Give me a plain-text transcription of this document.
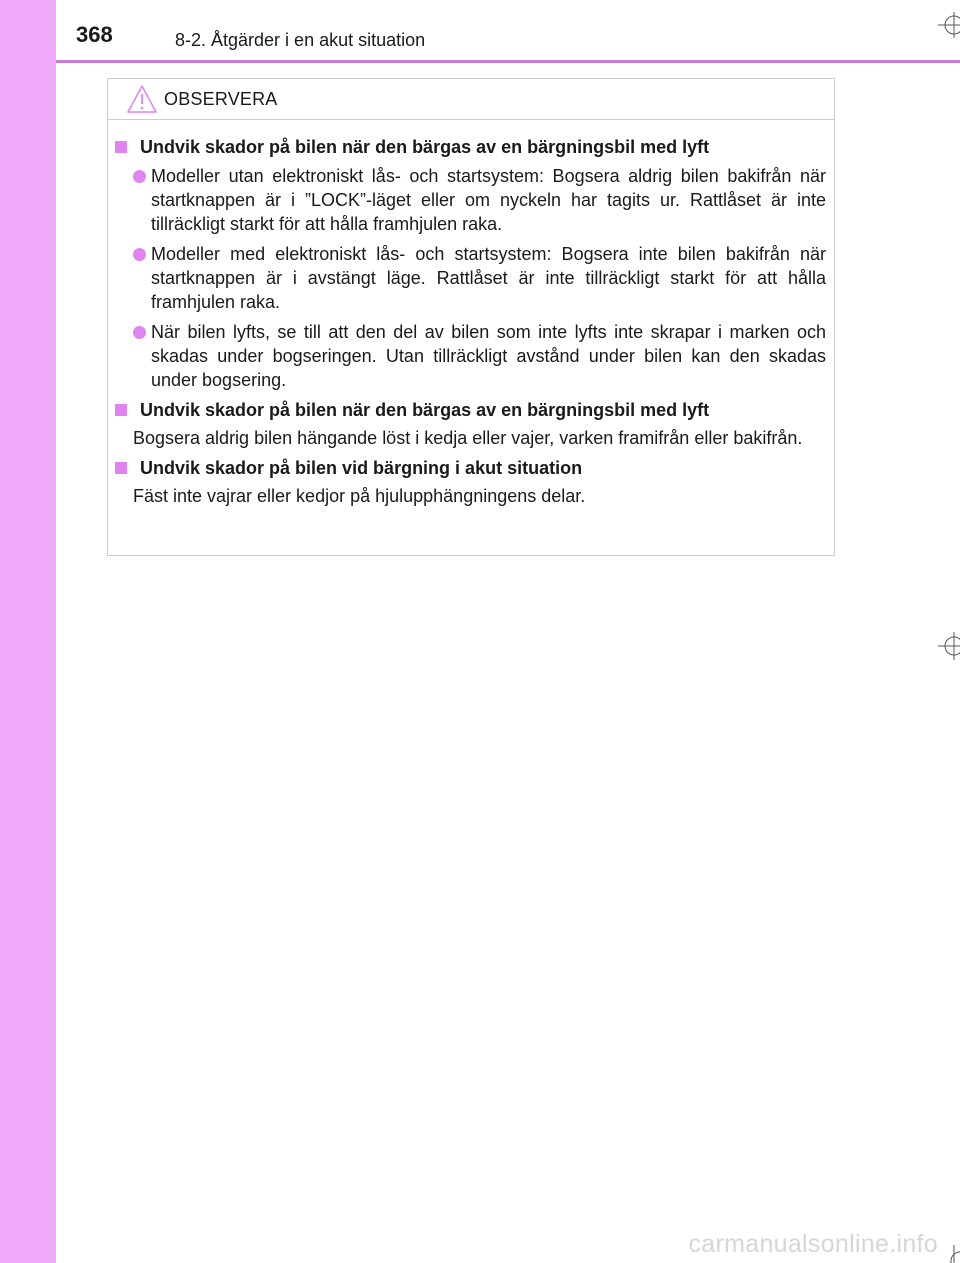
368	8-2. Åtgärder i en akut situation
OBSERVERA
Undvik skador på bilen när den bärgas av en bärgningsbil med lyft
Modeller utan elektroniskt lås- och startsystem: Bogsera aldrig bilen bakifrån när startknappen är i ”LOCK”-läget eller om nyckeln har tagits ur. Rattlåset är inte tillräckligt starkt för att hålla framhjulen raka.
Modeller med elektroniskt lås- och startsystem: Bogsera inte bilen bakifrån när startknappen är i avstängt läge. Rattlåset är inte tillräckligt starkt för att hålla framhjulen raka.
När bilen lyfts, se till att den del av bilen som inte lyfts inte skrapar i marken och skadas under bogseringen. Utan tillräckligt avstånd under bilen kan den skadas under bogsering.
Undvik skador på bilen när den bärgas av en bärgningsbil med lyft
Bogsera aldrig bilen hängande löst i kedja eller vajer, varken framifrån eller bakifrån.
Undvik skador på bilen vid bärgning i akut situation
Fäst inte vajrar eller kedjor på hjulupphängningens delar.
carmanualsonline.info
